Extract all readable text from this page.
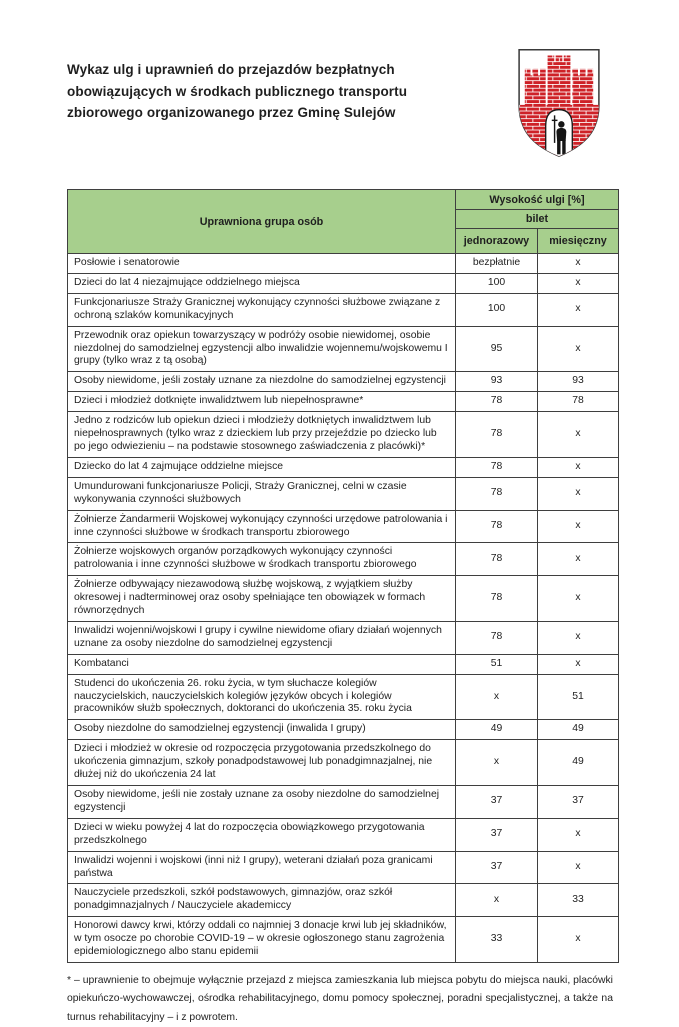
Wykaz ulg i uprawnień do przejazdów bezpłatnych
obowiązujących w środkach publicznego transportu
zbiorowego organizowanego przez Gminę Sulejów
Uprawniona grupa osób	Wysokość ulgi [%]	
	bilet	
	jednorazowy	miesięczny
Posłowie i senatorowie	bezpłatnie	x
Dzieci do lat 4 niezajmujące oddzielnego miejsca	100	x
Funkcjonariusze Straży Granicznej wykonujący czynności służbowe związane z ochroną szlaków komunikacyjnych	100	x
Przewodnik oraz opiekun towarzyszący w podróży osobie niewidomej, osobie niezdolnej do samodzielnej egzystencji albo inwalidzie wojennemu/wojskowemu I grupy (tylko wraz z tą osobą)	95	x
Osoby niewidome, jeśli zostały uznane za niezdolne do samodzielnej egzystencji	93	93
Dzieci i młodzież dotknięte inwalidztwem lub niepełnosprawne*	78	78
Jedno z rodziców lub opiekun dzieci i młodzieży dotkniętych inwalidztwem lub niepełnosprawnych (tylko wraz z dzieckiem lub przy przejeździe po dziecko lub po jego odwiezieniu – na podstawie stosownego zaświadczenia z placówki)*	78	x
Dziecko do lat 4 zajmujące oddzielne miejsce	78	x
Umundurowani funkcjonariusze Policji, Straży Granicznej, celni w czasie wykonywania czynności służbowych	78	x
Żołnierze Żandarmerii Wojskowej wykonujący czynności urzędowe patrolowania i inne czynności służbowe w środkach transportu zbiorowego	78	x
Żołnierze wojskowych organów porządkowych wykonujący czynności patrolowania i inne czynności służbowe w środkach transportu zbiorowego	78	x
Żołnierze odbywający niezawodową służbę wojskową, z wyjątkiem służby okresowej i nadterminowej oraz osoby spełniające ten obowiązek w formach równorzędnych	78	x
Inwalidzi wojenni/wojskowi I grupy i cywilne niewidome ofiary działań wojennych uznane za osoby niezdolne do samodzielnej egzystencji	78	x
Kombatanci	51	x
Studenci do ukończenia 26. roku życia, w tym słuchacze kolegiów nauczycielskich, nauczycielskich kolegiów języków obcych i kolegiów pracowników służb społecznych, doktoranci do ukończenia 35. roku życia	x	51
Osoby niezdolne do samodzielnej egzystencji (inwalida I grupy)	49	49
Dzieci i młodzież w okresie od rozpoczęcia przygotowania przedszkolnego do ukończenia gimnazjum, szkoły ponadpodstawowej lub ponadgimnazjalnej, nie dłużej niż do ukończenia 24 lat	x	49
Osoby niewidome, jeśli nie zostały uznane za osoby niezdolne do samodzielnej egzystencji	37	37
Dzieci w wieku powyżej 4 lat do rozpoczęcia obowiązkowego przygotowania przedszkolnego	37	x
Inwalidzi wojenni i wojskowi (inni niż I grupy), weterani działań poza granicami państwa	37	x
Nauczyciele przedszkoli, szkół podstawowych, gimnazjów, oraz szkół ponadgimnazjalnych / Nauczyciele akademiccy	x	33
Honorowi dawcy krwi, którzy oddali co najmniej 3 donacje krwi lub jej składników, w tym osocze po chorobie COVID-19 – w okresie ogłoszonego stanu zagrożenia epidemiologicznego albo stanu epidemii	33	x

* – uprawnienie to obejmuje wyłącznie przejazd z miejsca zamieszkania lub miejsca pobytu do miejsca nauki, placówki opiekuńczo-wychowawczej, ośrodka rehabilitacyjnego, domu pomocy społecznej, poradni specjalistycznej, a także na turnus rehabilitacyjny – i z powrotem.
